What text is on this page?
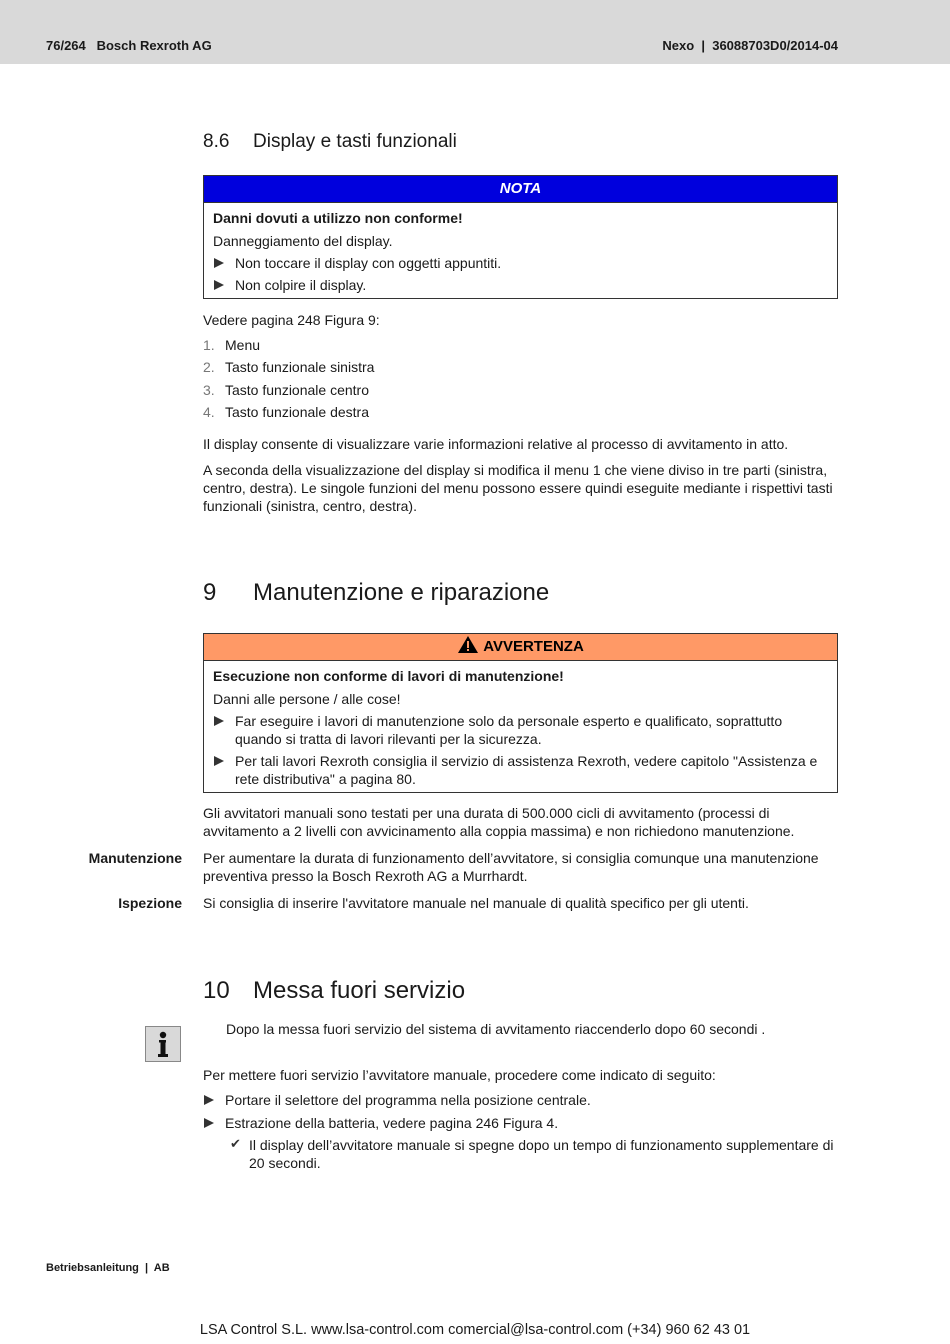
76/264   Bosch Rexroth AG	Nexo  |  36088703D0/2014-04
8.6 Display e tasti funzionali
NOTA
Danni dovuti a utilizzo non conforme!
Danneggiamento del display.
Non toccare il display con oggetti appuntiti.
Non colpire il display.
Vedere pagina 248 Figura 9:
1. Menu
2. Tasto funzionale sinistra
3. Tasto funzionale centro
4. Tasto funzionale destra
Il display consente di visualizzare varie informazioni relative al processo di avvitamento in atto.
A seconda della visualizzazione del display si modifica il menu 1 che viene diviso in tre parti (sinistra, centro, destra). Le singole funzioni del menu possono essere quindi eseguite mediante i rispettivi tasti funzionali (sinistra, centro, destra).
9 Manutenzione e riparazione
AVVERTENZA
Esecuzione non conforme di lavori di manutenzione!
Danni alle persone / alle cose!
Far eseguire i lavori di manutenzione solo da personale esperto e qualificato, soprattutto quando si tratta di lavori rilevanti per la sicurezza.
Per tali lavori Rexroth consiglia il servizio di assistenza Rexroth, vedere capitolo "Assistenza e rete distributiva" a pagina 80.
Gli avvitatori manuali sono testati per una durata di 500.000 cicli di avvitamento (processi di avvitamento a 2 livelli con avvicinamento alla coppia massima) e non richiedono manutenzione.
Manutenzione Per aumentare la durata di funzionamento dell’avvitatore, si consiglia comunque una manutenzione preventiva presso la Bosch Rexroth AG a Murrhardt.
Ispezione Si consiglia di inserire l'avvitatore manuale nel manuale di qualità specifico per gli utenti.
10 Messa fuori servizio
Dopo la messa fuori servizio del sistema di avvitamento riaccenderlo dopo 60 secondi .
Per mettere fuori servizio l’avvitatore manuale, procedere come indicato di seguito:
Portare il selettore del programma nella posizione centrale.
Estrazione della batteria, vedere pagina 246 Figura 4.
✔ Il display dell’avvitatore manuale si spegne dopo un tempo di funzionamento supplementare di 20 secondi.
Betriebsanleitung  |  AB
LSA Control S.L. www.lsa-control.com comercial@lsa-control.com (+34) 960 62 43 01
